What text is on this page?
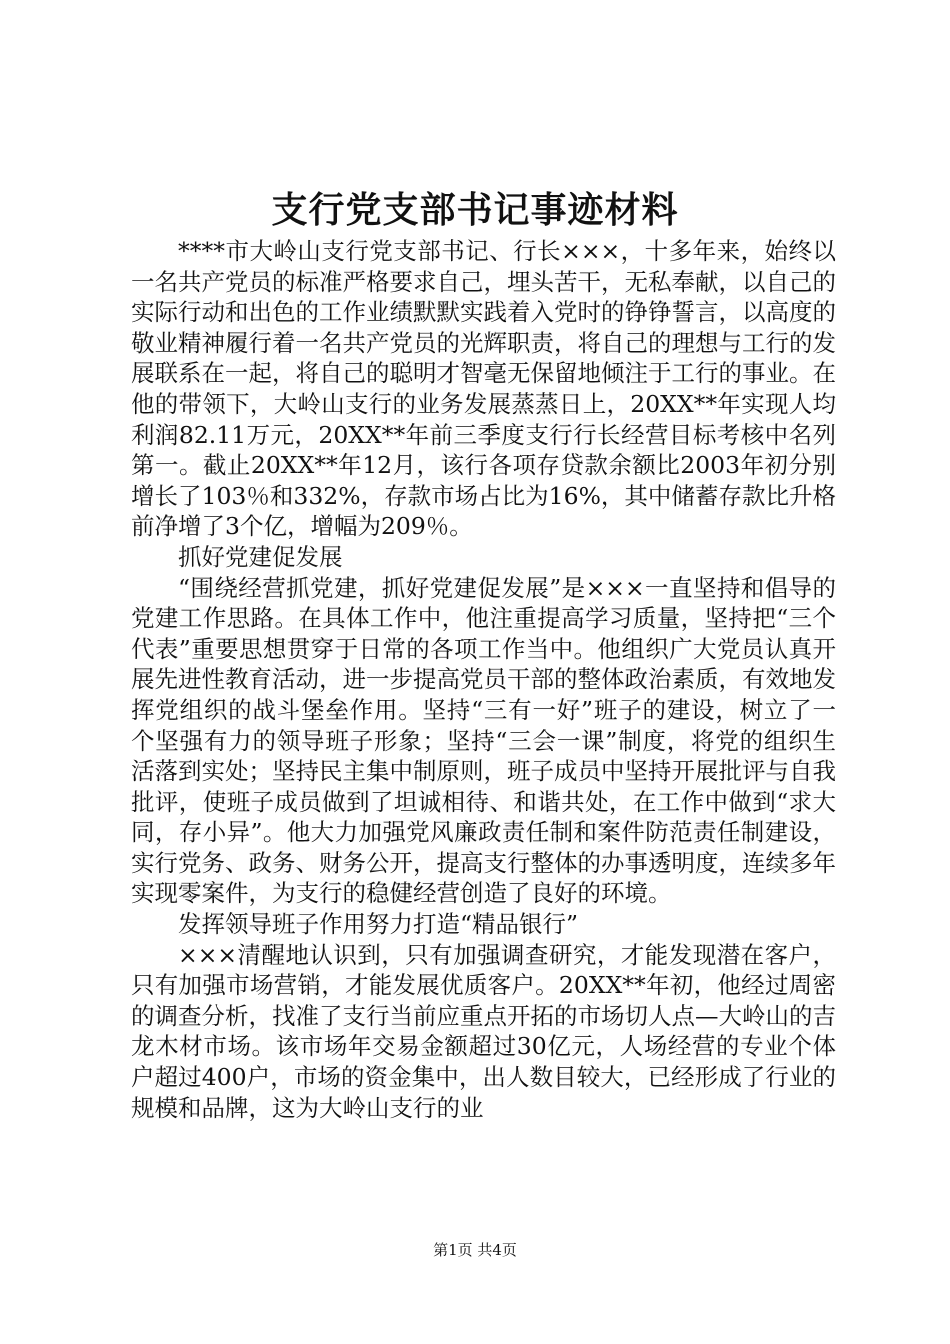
支行党支部书记事迹材料

****市大岭山支行党支部书记、行长×××，十多年来，始终以一名共产党员的标准严格要求自己，埋头苦干，无私奉献，以自己的实际行动和出色的工作业绩默默实践着入党时的铮铮誓言，以高度的敬业精神履行着一名共产党员的光辉职责，将自己的理想与工行的发展联系在一起，将自己的聪明才智毫无保留地倾注于工行的事业。在他的带领下，大岭山支行的业务发展蒸蒸日上，20XX**年实现人均利润82.11万元，20XX**年前三季度支行行长经营目标考核中名列第一。截止20XX**年12月，该行各项存贷款余额比2003年初分别增长了103％和332%，存款市场占比为16%，其中储蓄存款比升格前净增了3个亿，增幅为209％。

抓好党建促发展

“围绕经营抓党建，抓好党建促发展”是×××一直坚持和倡导的党建工作思路。在具体工作中，他注重提高学习质量，坚持把“三个代表”重要思想贯穿于日常的各项工作当中。他组织广大党员认真开展先进性教育活动，进一步提高党员干部的整体政治素质，有效地发挥党组织的战斗堡垒作用。坚持“三有一好”班子的建设，树立了一个坚强有力的领导班子形象；坚持“三会一课”制度，将党的组织生活落到实处；坚持民主集中制原则，班子成员中坚持开展批评与自我批评，使班子成员做到了坦诚相待、和谐共处，在工作中做到“求大同，存小异”。他大力加强党风廉政责任制和案件防范责任制建设，实行党务、政务、财务公开，提高支行整体的办事透明度，连续多年实现零案件，为支行的稳健经营创造了良好的环境。

发挥领导班子作用努力打造“精品银行”

×××清醒地认识到，只有加强调查研究，才能发现潜在客户，只有加强市场营销，才能发展优质客户。20XX**年初，他经过周密的调查分析，找准了支行当前应重点开拓的市场切人点—大岭山的吉龙木材市场。该市场年交易金额超过30亿元，人场经营的专业个体户超过400户，市场的资金集中，出人数目较大，已经形成了行业的规模和品牌，这为大岭山支行的业

第1页 共4页
